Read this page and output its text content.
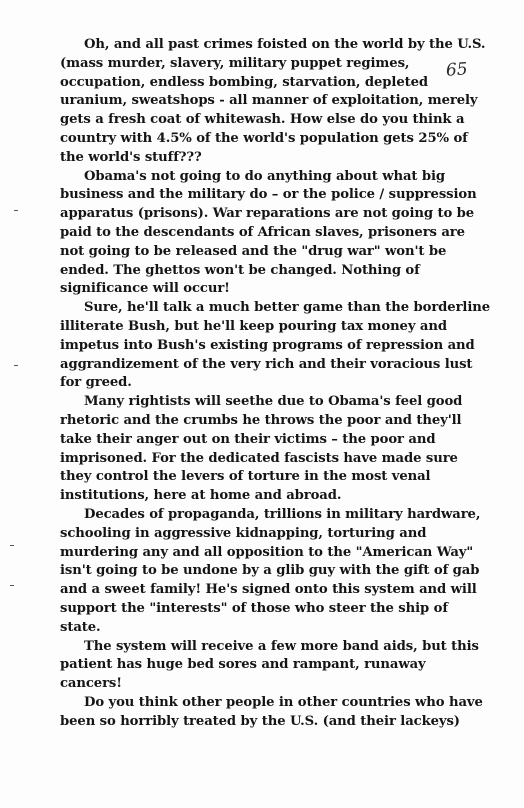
65
Oh, and all past crimes foisted on the world by the U.S.
(mass murder, slavery, military puppet regimes,
occupation, endless bombing, starvation, depleted
uranium, sweatshops - all manner of exploitation, merely
gets a fresh coat of whitewash. How else do you think a
country with 4.5% of the world's population gets 25% of
the world's stuff???
Obama's not going to do anything about what big
business and the military do – or the police / suppression
apparatus (prisons). War reparations are not going to be
paid to the descendants of African slaves, prisoners are
not going to be released and the "drug war" won't be
ended. The ghettos won't be changed. Nothing of
significance will occur!
Sure, he'll talk a much better game than the borderline
illiterate Bush, but he'll keep pouring tax money and
impetus into Bush's existing programs of repression and
aggrandizement of the very rich and their voracious lust
for greed.
Many rightists will seethe due to Obama's feel good
rhetoric and the crumbs he throws the poor and they'll
take their anger out on their victims – the poor and
imprisoned. For the dedicated fascists have made sure
they control the levers of torture in the most venal
institutions, here at home and abroad.
Decades of propaganda, trillions in military hardware,
schooling in aggressive kidnapping, torturing and
murdering any and all opposition to the "American Way"
isn't going to be undone by a glib guy with the gift of gab
and a sweet family! He's signed onto this system and will
support the "interests" of those who steer the ship of
state.
The system will receive a few more band aids, but this
patient has huge bed sores and rampant, runaway
cancers!
Do you think other people in other countries who have
been so horribly treated by the U.S. (and their lackeys)
